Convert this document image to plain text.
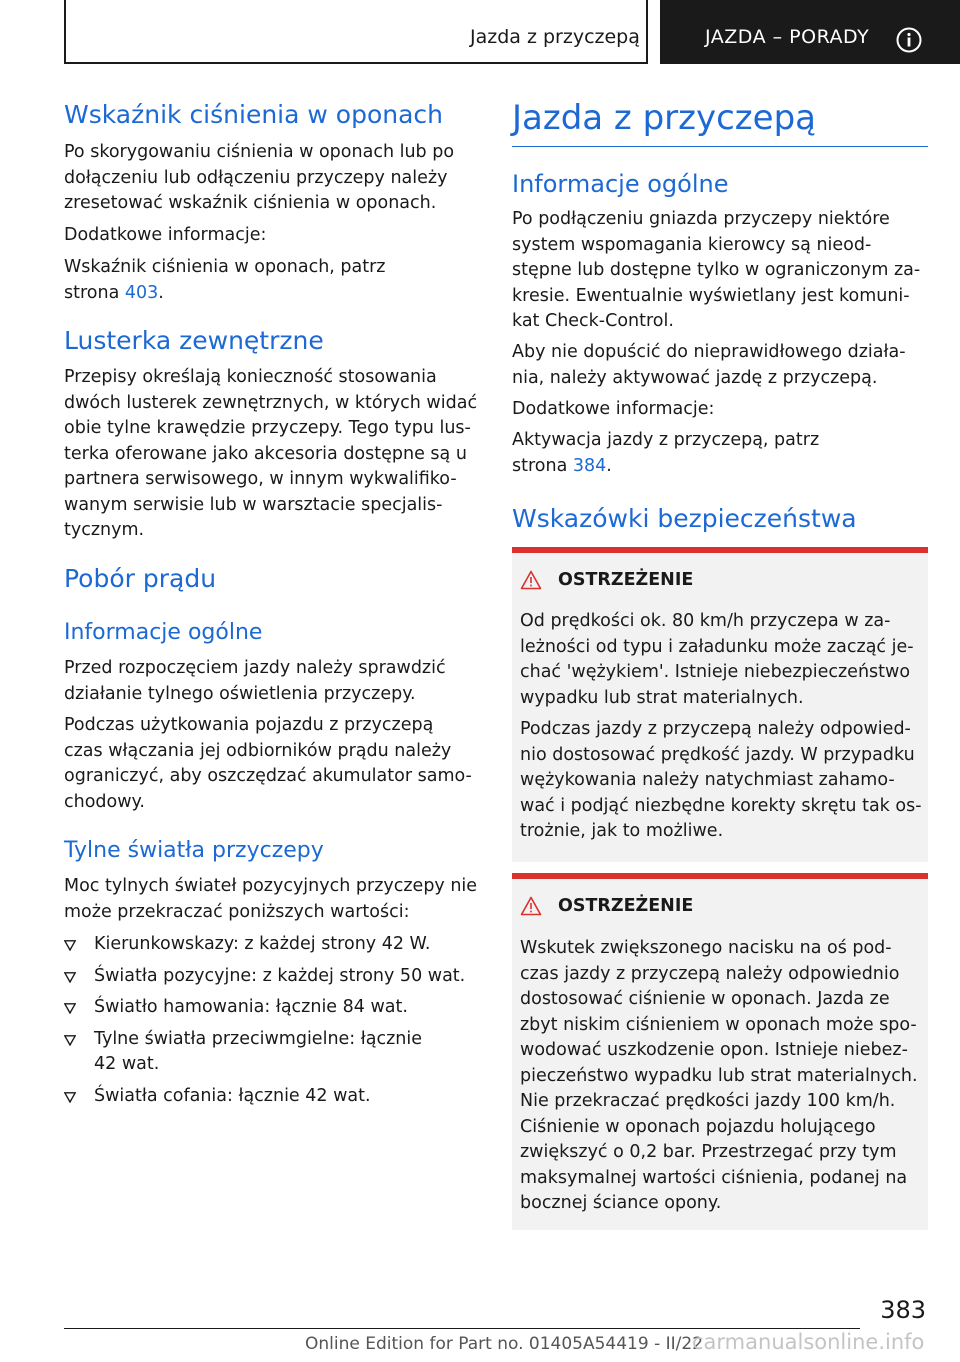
Jazda z przyczepą	JAZDA – PORADY
Wskaźnik ciśnienia w oponach
Po skorygowaniu ciśnienia w oponach lub po
dołączeniu lub odłączeniu przyczepy należy
zresetować wskaźnik ciśnienia w oponach.
Dodatkowe informacje:
Wskaźnik ciśnienia w oponach, patrz
strona 403.
Lusterka zewnętrzne
Przepisy określają konieczność stosowania
dwóch lusterek zewnętrznych, w których widać
obie tylne krawędzie przyczepy. Tego typu lus-
terka oferowane jako akcesoria dostępne są u
partnera serwisowego, w innym wykwalifiko-
wanym serwisie lub w warsztacie specjalis-
tycznym.
Pobór prądu
Informacje ogólne
Przed rozpoczęciem jazdy należy sprawdzić
działanie tylnego oświetlenia przyczepy.
Podczas użytkowania pojazdu z przyczepą
czas włączania jej odbiorników prądu należy
ograniczyć, aby oszczędzać akumulator samo-
chodowy.
Tylne światła przyczepy
Moc tylnych świateł pozycyjnych przyczepy nie
może przekraczać poniższych wartości:
Kierunkowskazy: z każdej strony 42 W.
Światła pozycyjne: z każdej strony 50 wat.
Światło hamowania: łącznie 84 wat.
Tylne światła przeciwmgielne: łącznie
42 wat.
Światła cofania: łącznie 42 wat.
Jazda z przyczepą
Informacje ogólne
Po podłączeniu gniazda przyczepy niektóre
system wspomagania kierowcy są nieod-
stępne lub dostępne tylko w ograniczonym za-
kresie. Ewentualnie wyświetlany jest komuni-
kat Check-Control.
Aby nie dopuścić do nieprawidłowego działa-
nia, należy aktywować jazdę z przyczepą.
Dodatkowe informacje:
Aktywacja jazdy z przyczepą, patrz
strona 384.
Wskazówki bezpieczeństwa
OSTRZEŻENIE
Od prędkości ok. 80 km/h przyczepa w za-
leżności od typu i załadunku może zacząć je-
chać 'wężykiem'. Istnieje niebezpieczeństwo
wypadku lub strat materialnych.
Podczas jazdy z przyczepą należy odpowied-
nio dostosować prędkość jazdy. W przypadku
wężykowania należy natychmiast zahamo-
wać i podjąć niezbędne korekty skrętu tak os-
trożnie, jak to możliwe.
OSTRZEŻENIE
Wskutek zwiększonego nacisku na oś pod-
czas jazdy z przyczepą należy odpowiednio
dostosować ciśnienie w oponach. Jazda ze
zbyt niskim ciśnieniem w oponach może spo-
wodować uszkodzenie opon. Istnieje niebez-
pieczeństwo wypadku lub strat materialnych.
Nie przekraczać prędkości jazdy 100 km/h.
Ciśnienie w oponach pojazdu holującego
zwiększyć o 0,2 bar. Przestrzegać przy tym
maksymalnej wartości ciśnienia, podanej na
bocznej ściance opony.
383
Online Edition for Part no. 01405A54419 - II/22
carmanualsonline.info
